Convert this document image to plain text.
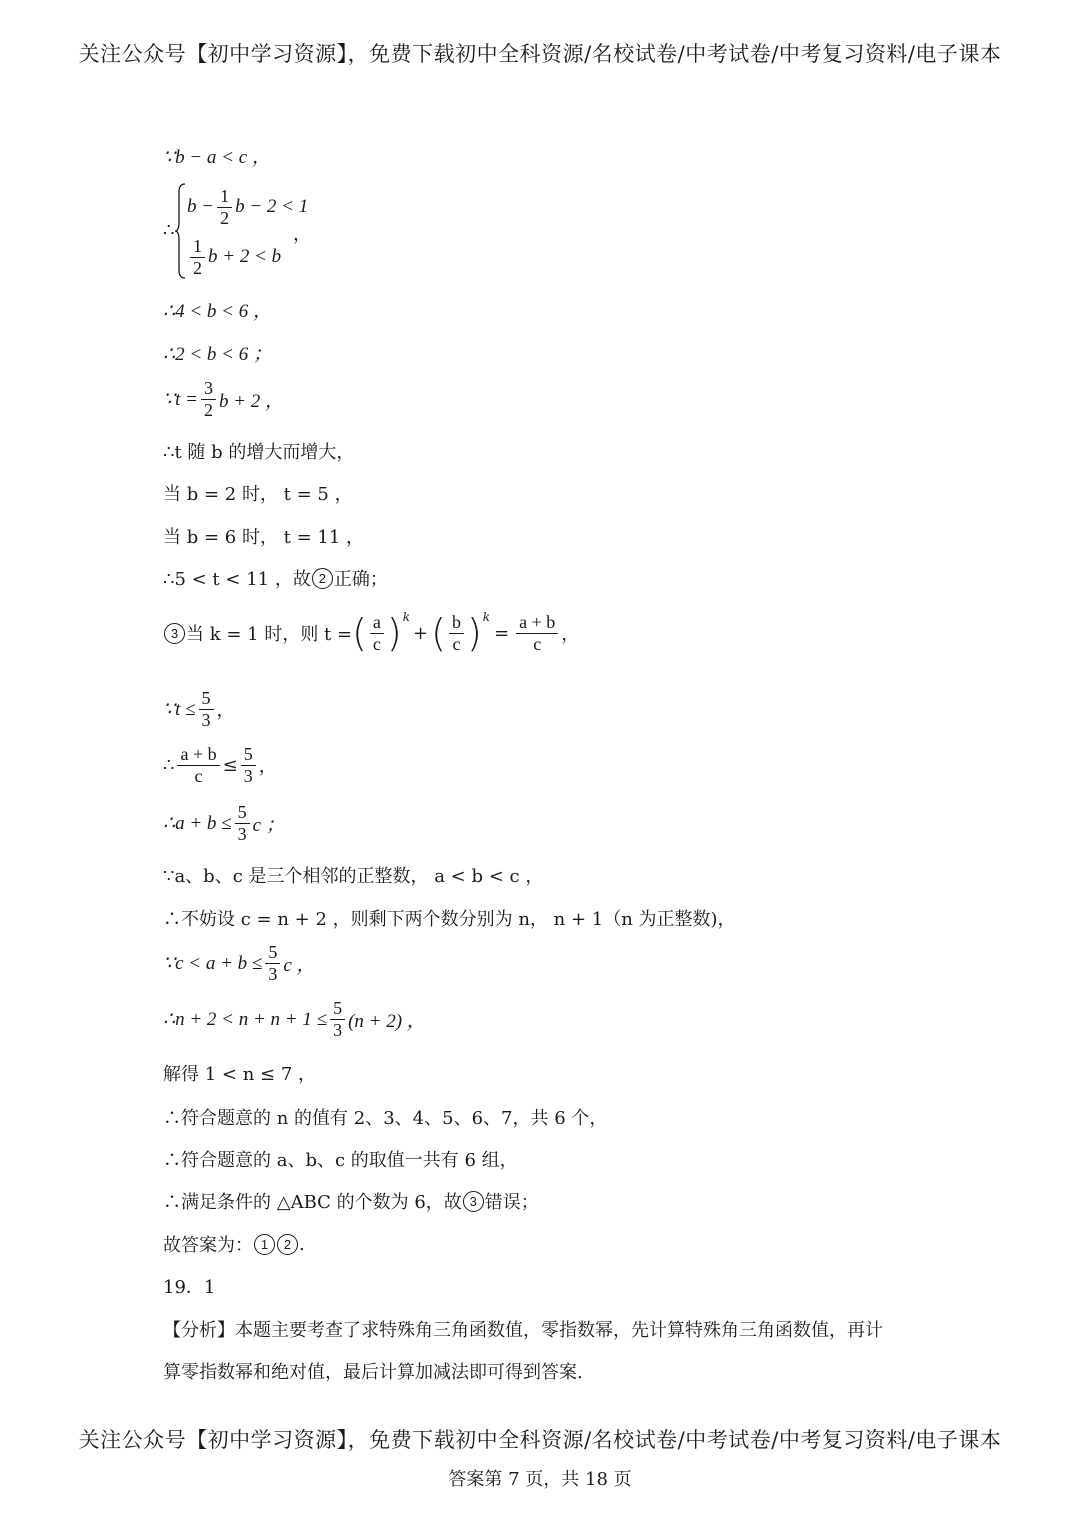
关注公众号【初中学习资源】，免费下载初中全科资源/名校试卷/中考试卷/中考复习资料/电子课本
∵b − a < c ，
∴
$b - \frac{1}{2}$ b − 2 < 1
$\frac{1}{2}$ b + 2 < b
，
∴4 < b < 6 ，
∴2 < b < 6 ；
∵t = $\frac{3}{2}$ b + 2 ，
∴t 随 b 的增大而增大，
当 b = 2 时， t = 5 ，
当 b = 6 时， t = 11 ，
∴5 < t < 11 ，故 2 正确；
3 当 k = 1 时，则 t = ( $\frac{a}{c}$ ) k
+ ( $\frac{b}{c}$ ) k
= $\frac{a + b}{c}$ ，
∵t ≤ $\frac{5}{3}$ ，
∴ $\frac{a + b}{c} \le \frac{5}{3}$ ，
∴a + $b \le \frac{5}{3}$ c ；
∵a、b、c 是三个相邻的正整数， a < b < c ，
∴不妨设 c = n + 2 ，则剩下两个数分别为 n， n + 1（n 为正整数)，
∵c < $a + b \le \frac{5}{3}$ c ，
∴n + $2 < n + n + 1 \le \frac{5}{3} (n + 2)$ ，
解得 1 < n ≤ 7 ，
∴符合题意的 n 的值有 2、3、4、5、6、7，共 6 个，
∴符合题意的 a、b、c 的取值一共有 6 组，
∴满足条件的 △ABC 的个数为 6，故 3 错误；
故答案为： 1	2 .
19．1
【分析】本题主要考查了求特殊角三角函数值，零指数幂，先计算特殊角三角函数值，再计
算零指数幂和绝对值，最后计算加减法即可得到答案.
关注公众号【初中学习资源】，免费下载初中全科资源/名校试卷/中考试卷/中考复习资料/电子课本
答案第 7 页，共 18 页
